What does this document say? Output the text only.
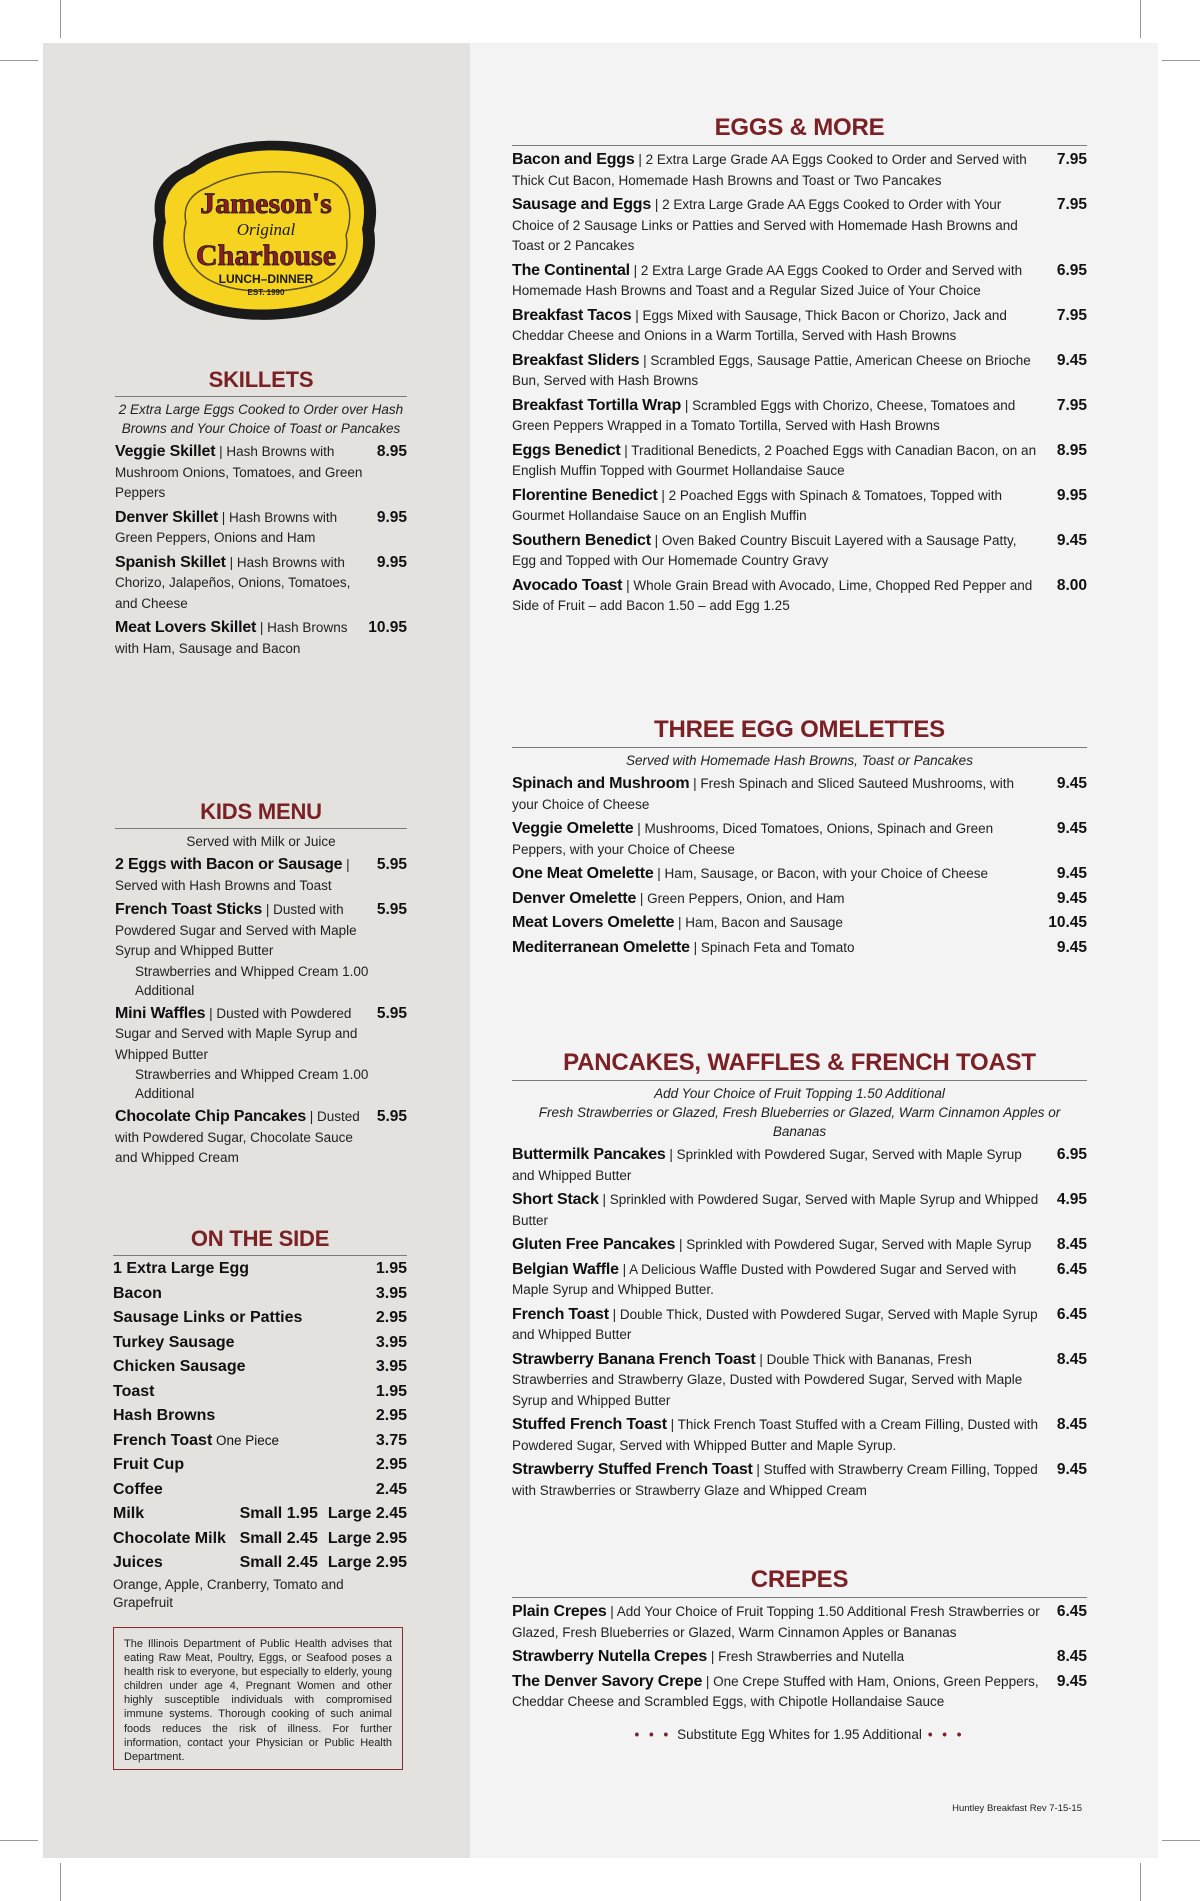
Jameson's
Original
Charhouse
LUNCH–DINNER
EST. 1990
SKILLETS
2 Extra Large Eggs Cooked to Order over Hash Browns and Your Choice of Toast or Pancakes
Veggie Skillet | Hash Browns with Mushroom Onions, Tomatoes, and Green Peppers
8.95
Denver Skillet | Hash Browns with Green Peppers, Onions and Ham
9.95
Spanish Skillet | Hash Browns with Chorizo, Jalapeños, Onions, Tomatoes, and Cheese
9.95
Meat Lovers Skillet | Hash Browns with Ham, Sausage and Bacon
10.95
KIDS MENU
Served with Milk or Juice
2 Eggs with Bacon or Sausage | Served with Hash Browns and Toast
5.95
French Toast Sticks | Dusted with Powdered Sugar and Served with Maple Syrup and Whipped Butter
5.95
Strawberries and Whipped Cream 1.00 Additional
Mini Waffles | Dusted with Powdered Sugar and Served with Maple Syrup and Whipped Butter
5.95
Strawberries and Whipped Cream 1.00 Additional
Chocolate Chip Pancakes | Dusted with Powdered Sugar, Chocolate Sauce and Whipped Cream
5.95
ON THE SIDE
1 Extra Large Egg	1.95
Bacon	3.95
Sausage Links or Patties	2.95
Turkey Sausage	3.95
Chicken Sausage	3.95
Toast	1.95
Hash Browns	2.95
French Toast One Piece	3.75
Fruit Cup	2.95
Coffee	2.45
Milk	Small 1.95 Large 2.45
Chocolate Milk Small 2.45 Large 2.95
Juices	Small 2.45 Large 2.95
Orange, Apple, Cranberry, Tomato and Grapefruit
The Illinois Department of Public Health advises that eating Raw Meat, Poultry, Eggs, or Seafood poses a health risk to everyone, but especially to elderly, young children under age 4, Pregnant Women and other highly susceptible individuals with compromised immune systems. Thorough cooking of such animal foods reduces the risk of illness. For further information, contact your Physician or Public Health Department.
EGGS & MORE
Bacon and Eggs | 2 Extra Large Grade AA Eggs Cooked to Order and Served with Thick Cut Bacon, Homemade Hash Browns and Toast or Two Pancakes
7.95
Sausage and Eggs | 2 Extra Large Grade AA Eggs Cooked to Order with Your Choice of 2 Sausage Links or Patties and Served with Homemade Hash Browns and Toast or 2 Pancakes
7.95
The Continental | 2 Extra Large Grade AA Eggs Cooked to Order and Served with Homemade Hash Browns and Toast and a Regular Sized Juice of Your Choice
6.95
Breakfast Tacos | Eggs Mixed with Sausage, Thick Bacon or Chorizo, Jack and Cheddar Cheese and Onions in a Warm Tortilla, Served with Hash Browns
7.95
Breakfast Sliders | Scrambled Eggs, Sausage Pattie, American Cheese on Brioche Bun, Served with Hash Browns
9.45
Breakfast Tortilla Wrap | Scrambled Eggs with Chorizo, Cheese, Tomatoes and Green Peppers Wrapped in a Tomato Tortilla, Served with Hash Browns
7.95
Eggs Benedict | Traditional Benedicts, 2 Poached Eggs with Canadian Bacon, on an English Muffin Topped with Gourmet Hollandaise Sauce
8.95
Florentine Benedict | 2 Poached Eggs with Spinach & Tomatoes, Topped with Gourmet Hollandaise Sauce on an English Muffin
9.95
Southern Benedict | Oven Baked Country Biscuit Layered with a Sausage Patty, Egg and Topped with Our Homemade Country Gravy
9.45
Avocado Toast | Whole Grain Bread with Avocado, Lime, Chopped Red Pepper and Side of Fruit – add Bacon 1.50 – add Egg 1.25
8.00
THREE EGG OMELETTES
Served with Homemade Hash Browns, Toast or Pancakes
Spinach and Mushroom | Fresh Spinach and Sliced Sauteed Mushrooms, with your Choice of Cheese
9.45
Veggie Omelette | Mushrooms, Diced Tomatoes, Onions, Spinach and Green Peppers, with your Choice of Cheese
9.45
One Meat Omelette | Ham, Sausage, or Bacon, with your Choice of Cheese	9.45
Denver Omelette | Green Peppers, Onion, and Ham	9.45
Meat Lovers Omelette | Ham, Bacon and Sausage	10.45
Mediterranean Omelette | Spinach Feta and Tomato	9.45
PANCAKES, WAFFLES & FRENCH TOAST
Add Your Choice of Fruit Topping 1.50 Additional
Fresh Strawberries or Glazed, Fresh Blueberries or Glazed, Warm Cinnamon Apples or Bananas
Buttermilk Pancakes | Sprinkled with Powdered Sugar, Served with Maple Syrup and Whipped Butter
6.95
Short Stack | Sprinkled with Powdered Sugar, Served with Maple Syrup and Whipped Butter
4.95
Gluten Free Pancakes | Sprinkled with Powdered Sugar, Served with Maple Syrup	8.45
Belgian Waffle | A Delicious Waffle Dusted with Powdered Sugar and Served with Maple Syrup and Whipped Butter.
6.45
French Toast | Double Thick, Dusted with Powdered Sugar, Served with Maple Syrup and Whipped Butter
6.45
Strawberry Banana French Toast | Double Thick with Bananas, Fresh Strawberries and Strawberry Glaze, Dusted with Powdered Sugar, Served with Maple Syrup and Whipped Butter
8.45
Stuffed French Toast | Thick French Toast Stuffed with a Cream Filling, Dusted with Powdered Sugar, Served with Whipped Butter and Maple Syrup.
8.45
Strawberry Stuffed French Toast | Stuffed with Strawberry Cream Filling, Topped with Strawberries or Strawberry Glaze and Whipped Cream
9.45
CREPES
Plain Crepes | Add Your Choice of Fruit Topping 1.50 Additional Fresh Strawberries or Glazed, Fresh Blueberries or Glazed, Warm Cinnamon Apples or Bananas
6.45
Strawberry Nutella Crepes | Fresh Strawberries and Nutella	8.45
The Denver Savory Crepe | One Crepe Stuffed with Ham, Onions, Green Peppers, Cheddar Cheese and Scrambled Eggs, with Chipotle Hollandaise Sauce
9.45
• • • Substitute Egg Whites for 1.95 Additional • • •
Huntley Breakfast Rev 7-15-15
